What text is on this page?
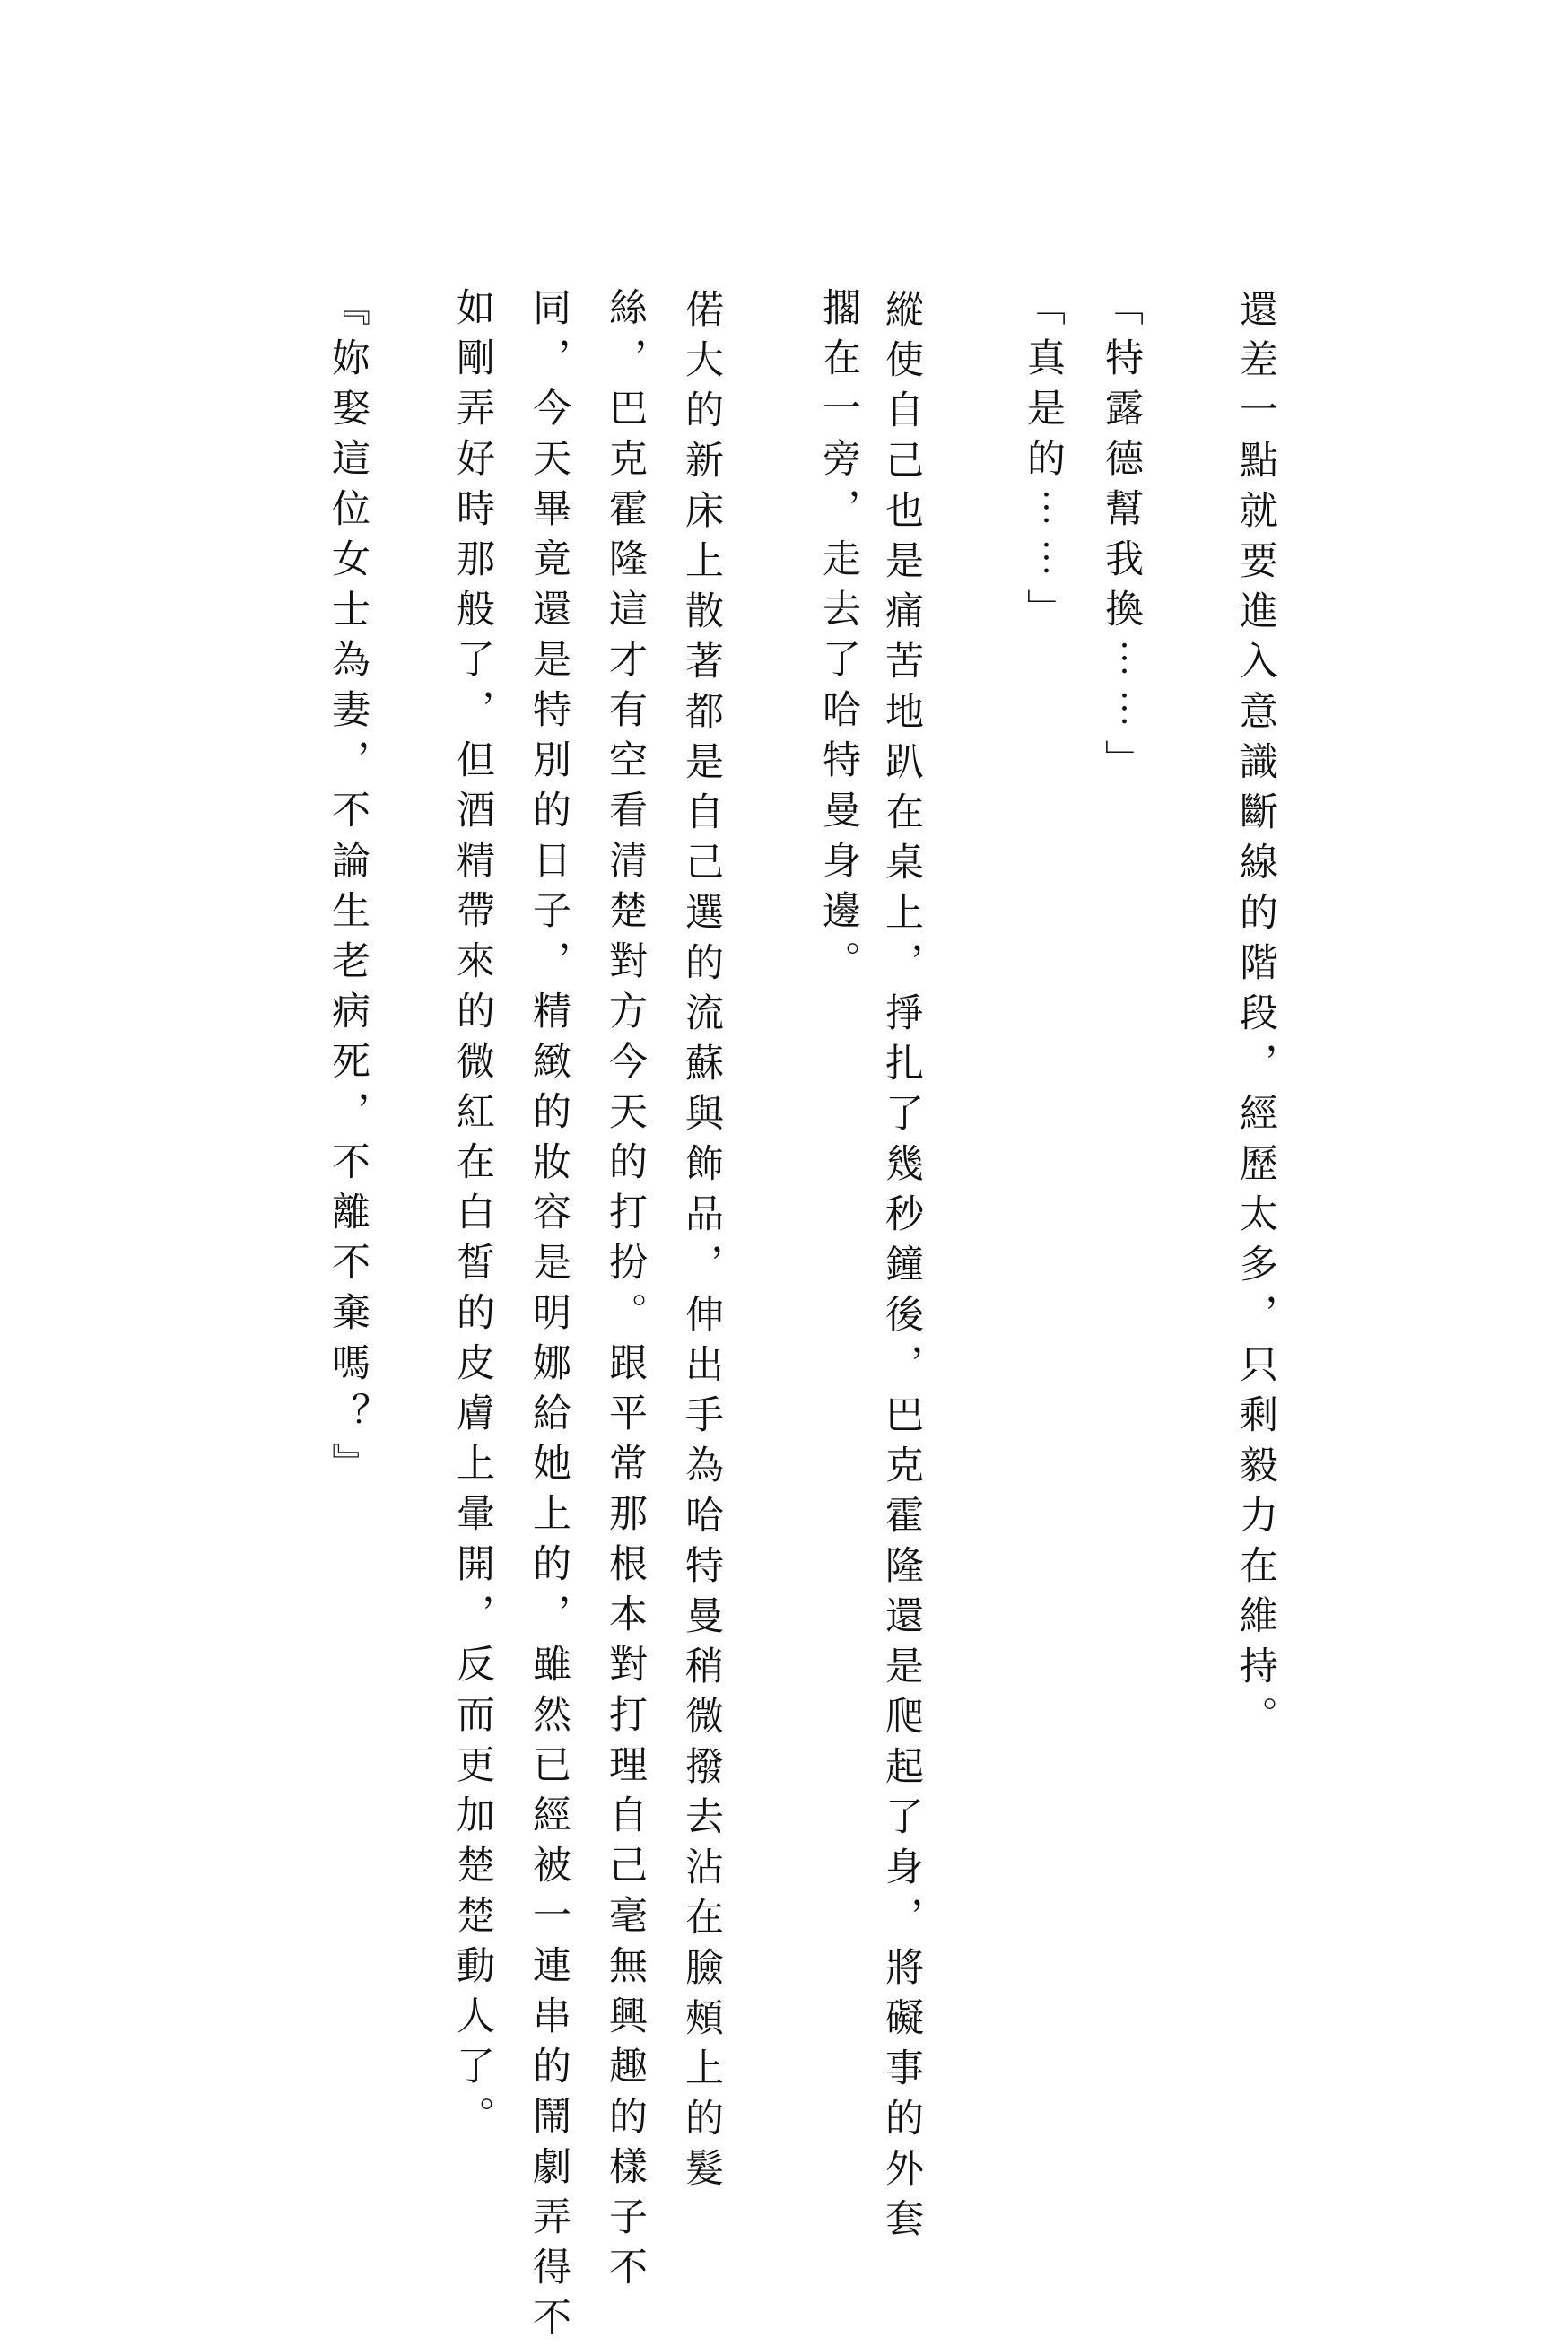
還差一點就要進入意識斷線的階段，經歷太多，只剩毅力在維持。

「特露德幫我換⋯⋯」

「真是的⋯⋯」

縱使自己也是痛苦地趴在桌上，掙扎了幾秒鐘後，巴克霍隆還是爬起了身，將礙事的外套

擱在一旁，走去了哈特曼身邊。

偌大的新床上散著都是自己選的流蘇與飾品，伸出手為哈特曼稍微撥去沾在臉頰上的髮

絲，巴克霍隆這才有空看清楚對方今天的打扮。跟平常那根本對打理自己毫無興趣的樣子不

同，今天畢竟還是特別的日子，精緻的妝容是明娜給她上的，雖然已經被一連串的鬧劇弄得不

如剛弄好時那般了，但酒精帶來的微紅在白皙的皮膚上暈開，反而更加楚楚動人了。

『妳娶這位女士為妻，不論生老病死，不離不棄嗎？』
